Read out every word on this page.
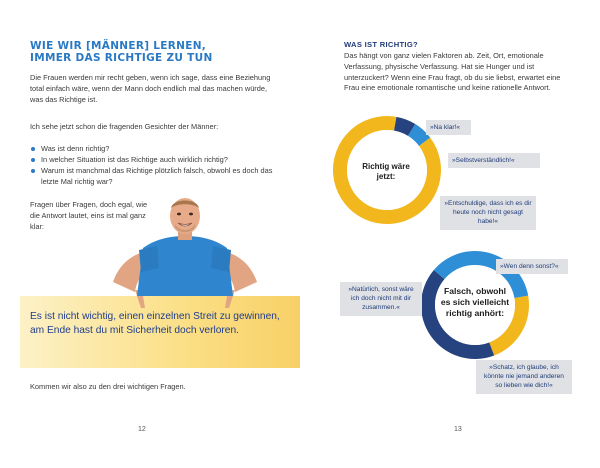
WIE WIR [MÄNNER] LERNEN,
IMMER DAS RICHTIGE ZU TUN

Die Frauen werden mir recht geben, wenn ich sage, dass eine Beziehung total einfach wäre, wenn der Mann doch endlich mal das machen würde, was das Richtige ist.

Ich sehe jetzt schon die fragenden Gesichter der Männer:

Was ist denn richtig?
In welcher Situation ist das Richtige auch wirklich richtig?
Warum ist manchmal das Richtige plötzlich falsch, obwohl es doch das letzte Mal richtig war?

Fragen über Fragen, doch egal, wie die Antwort lautet, eins ist mal ganz klar:

Es ist nicht wichtig, einen einzelnen Streit zu gewinnen, am Ende hast du mit Sicherheit doch verloren.

Kommen wir also zu den drei wichtigen Fragen.

12
WAS IST RICHTIG?

Das hängt von ganz vielen Faktoren ab. Zeit, Ort, emotionale Verfassung, physische Verfassung. Hat sie Hunger und ist unterzuckert? Wenn eine Frau fragt, ob du sie liebst, erwartet eine Frau eine emotionale romantische und keine rationelle Antwort.

Richtig wäre jetzt:
»Na klar!«
»Selbstverständlich!«
»Entschuldige, dass ich es dir heute noch nicht gesagt habe!«
Falsch, obwohl es sich vielleicht richtig anhört:
»Wen denn sonst?«
»Natürlich, sonst wäre ich doch nicht mit dir zusammen.«
»Schatz, ich glaube, ich könnte nie jemand anderen so lieben wie dich!«
13
